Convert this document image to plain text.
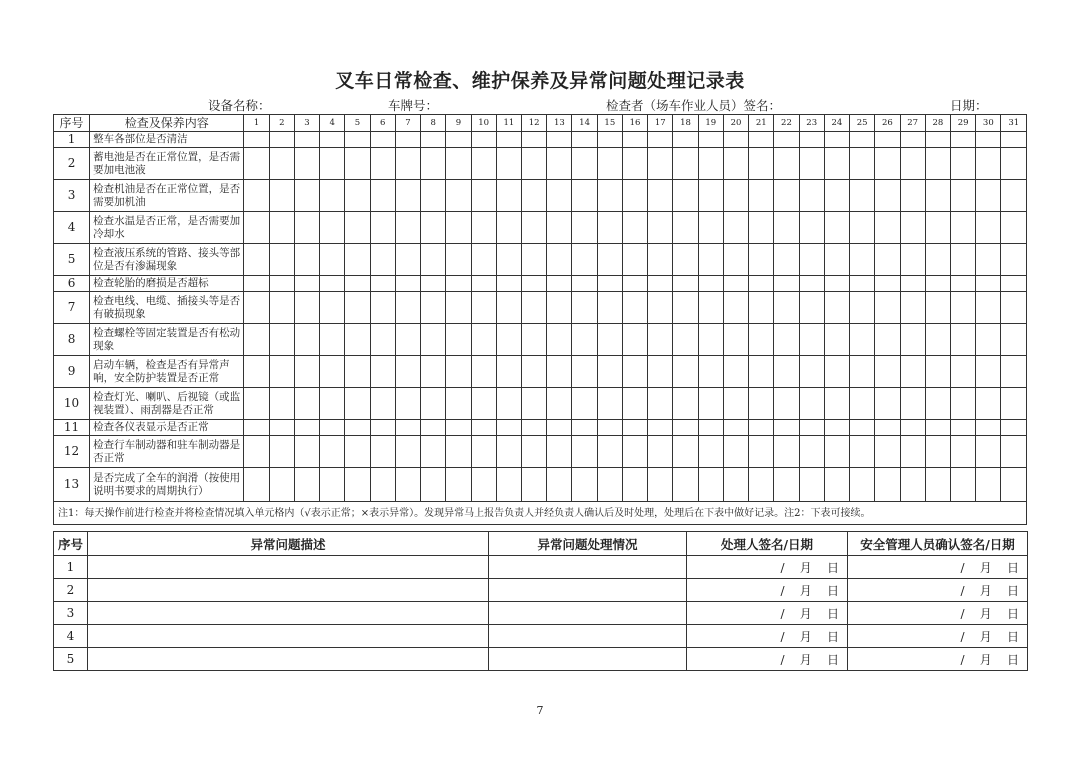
叉车日常检查、维护保养及异常问题处理记录表
设备名称：	车牌号：	检查者（场车作业人员）签名：	日期：
序号	检查及保养内容	1	2	3	4	5	6	7	8	9	10	11	12	13	14	15	16	17	18	19	20	21	22	23	24	25	26	27	28	29	30	31
1	整车各部位是否清洁																															
2	蓄电池是否在正常位置，是否需要加电池液																															
3	检查机油是否在正常位置，是否需要加机油																															
4	检查水温是否正常，是否需要加冷却水																															
5	检查液压系统的管路、接头等部位是否有渗漏现象																															
6	检查轮胎的磨损是否超标																															
7	检查电线、电缆、插接头等是否有破损现象																															
8	检查螺栓等固定装置是否有松动现象																															
9	启动车辆，检查是否有异常声响，安全防护装置是否正常																															
10	检查灯光、喇叭、后视镜（或监视装置）、雨刮器是否正常																															
11	检查各仪表显示是否正常																															
12	检查行车制动器和驻车制动器是否正常																															
13	是否完成了全车的润滑（按使用说明书要求的周期执行）																															
注1：每天操作前进行检查并将检查情况填入单元格内（√表示正常；×表示异常）。发现异常马上报告负责人并经负责人确认后及时处理，处理后在下表中做好记录。注2：下表可接续。																																
序号	异常问题描述	异常问题处理情况	处理人签名/日期	安全管理人员确认签名/日期
1			/    月    日	/    月    日
2			/    月    日	/    月    日
3			/    月    日	/    月    日
4			/    月    日	/    月    日
5			/    月    日	/    月    日
7
